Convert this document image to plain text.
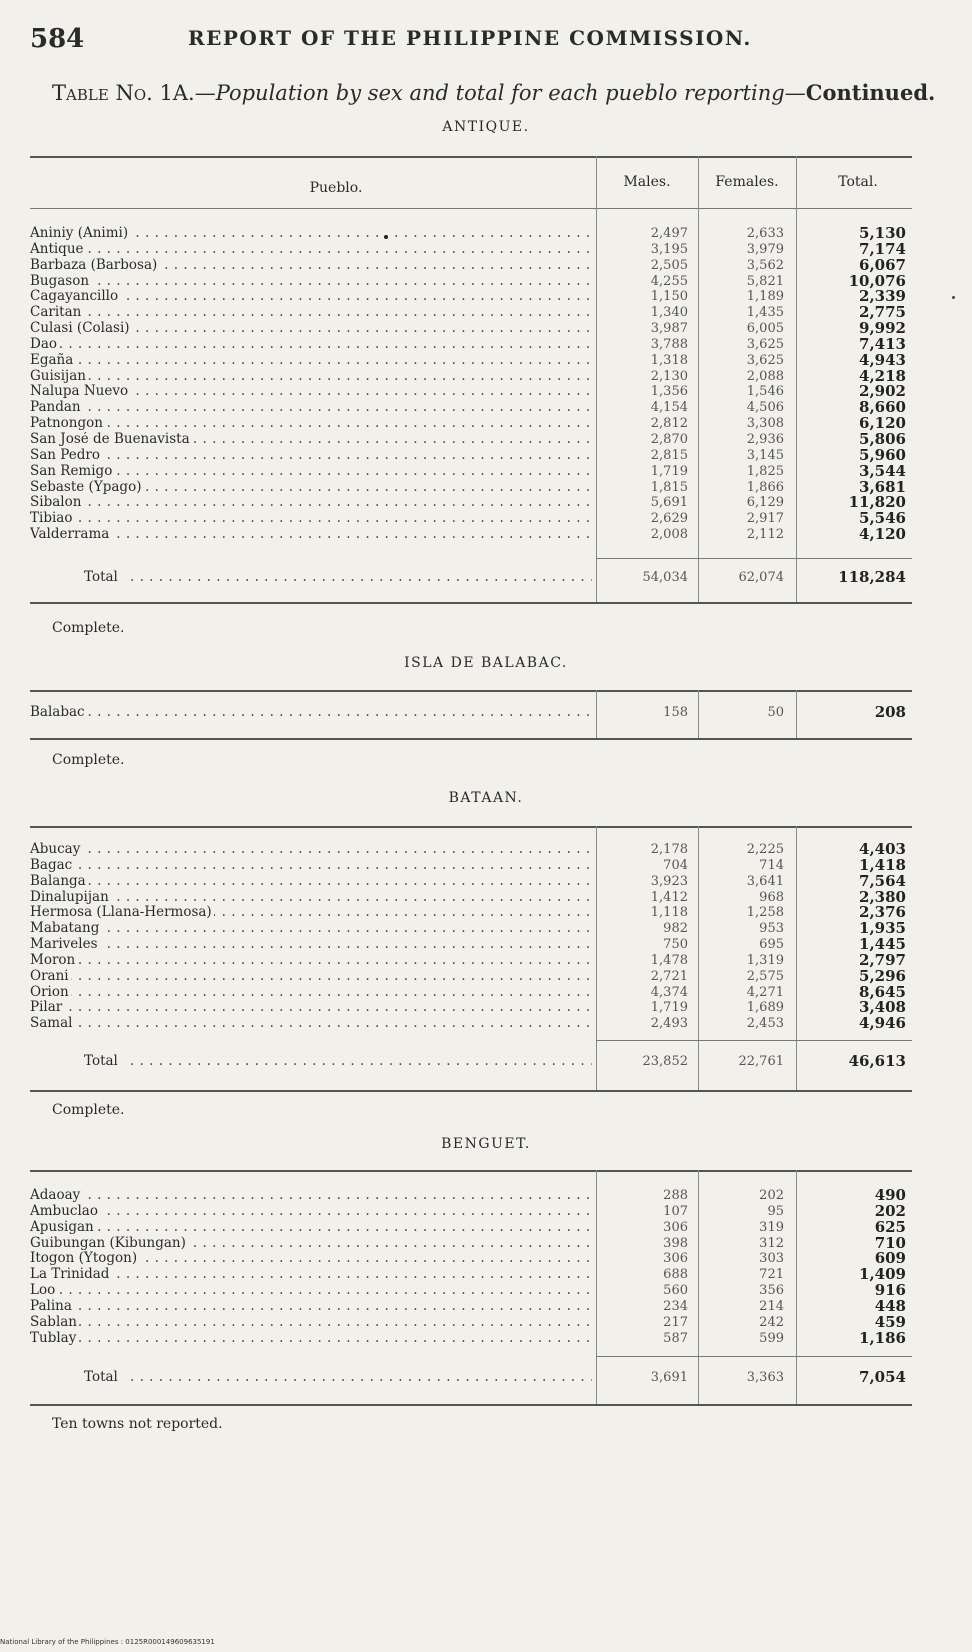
584	REPORT OF THE PHILIPPINE COMMISSION.
Table No. 1A.—Population by sex and total for each pueblo reporting—Continued.
ANTIQUE.
Pueblo.	Males.	Females.	Total.
Aniniy (Animi) . . .	2,497	2,633	5,130
Antique . . .	3,195	3,979	7,174
Barbaza (Barbosa) . . .	2,505	3,562	6,067
Bugason . . .	4,255	5,821	10,076
Cagayancillo . . .	1,150	1,189	2,339
Caritan . . .	1,340	1,435	2,775
Culasi (Colasi) . . .	3,987	6,005	9,992
Dao . . .	3,788	3,625	7,413
Egaña . . .	1,318	3,625	4,943
Guisijan . . .	2,130	2,088	4,218
Nalupa Nuevo . . .	1,356	1,546	2,902
Pandan . . .	4,154	4,506	8,660
Patnongon . . .	2,812	3,308	6,120
San José de Buenavista . . .	2,870	2,936	5,806
San Pedro . . .	2,815	3,145	5,960
San Remigo . . .	1,719	1,825	3,544
Sebaste (Ypago) . . .	1,815	1,866	3,681
Sibalon . . .	5,691	6,129	11,820
Tibiao . . .	2,629	2,917	5,546
Valderrama . . .	2,008	2,112	4,120
Total . . .	54,034	62,074	118,284
Complete.
ISLA DE BALABAC.
Balabac . . .	158	50	208
Complete.
BATAAN.
Abucay . . .	2,178	2,225	4,403
Bagac . . .	704	714	1,418
Balanga . . .	3,923	3,641	7,564
Dinalupijan . . .	1,412	968	2,380
Hermosa (Llana-Hermosa) . . .	1,118	1,258	2,376
Mabatang . . .	982	953	1,935
Mariveles . . .	750	695	1,445
Moron . . .	1,478	1,319	2,797
Orani . . .	2,721	2,575	5,296
Orion . . .	4,374	4,271	8,645
Pilar . . .	1,719	1,689	3,408
Samal . . .	2,493	2,453	4,946
Total . . .	23,852	22,761	46,613
Complete.
BENGUET.
Adaoay . . .	288	202	490
Ambuclao . . .	107	95	202
Apusigan . . .	306	319	625
Guibungan (Kibungan) . . .	398	312	710
Itogon (Ytogon) . . .	306	303	609
La Trinidad . . .	688	721	1,409
Loo . . .	560	356	916
Palina . . .	234	214	448
Sablan . . .	217	242	459
Tublay . . .	587	599	1,186
Total . . .	3,691	3,363	7,054
Ten towns not reported.
National Library of the Philippines : 0125R000149609635191
